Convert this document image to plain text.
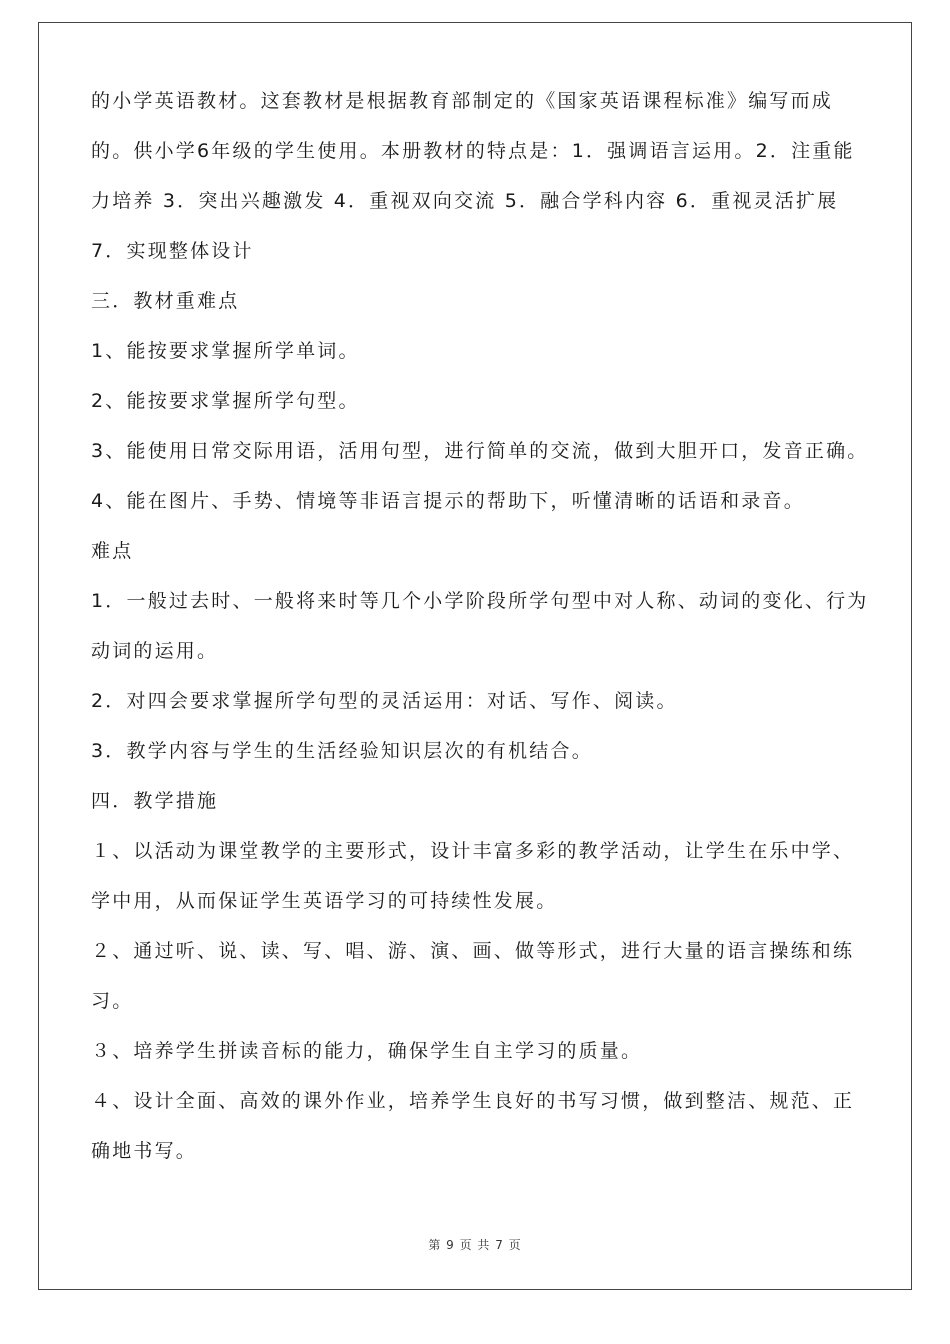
的小学英语教材。这套教材是根据教育部制定的《国家英语课程标准》编写而成的。供小学6年级的学生使用。本册教材的特点是：1．强调语言运用。2．注重能力培养 3．突出兴趣激发 4．重视双向交流 5．融合学科内容 6．重视灵活扩展 7．实现整体设计

三．教材重难点

1、能按要求掌握所学单词。

2、能按要求掌握所学句型。

3、能使用日常交际用语，活用句型，进行简单的交流，做到大胆开口，发音正确。

4、能在图片、手势、情境等非语言提示的帮助下，听懂清晰的话语和录音。

难点

1．一般过去时、一般将来时等几个小学阶段所学句型中对人称、动词的变化、行为动词的运用。

2．对四会要求掌握所学句型的灵活运用：对话、写作、阅读。

3．教学内容与学生的生活经验知识层次的有机结合。

四．教学措施

１、以活动为课堂教学的主要形式，设计丰富多彩的教学活动，让学生在乐中学、学中用，从而保证学生英语学习的可持续性发展。

２、通过听、说、读、写、唱、游、演、画、做等形式，进行大量的语言操练和练习。

３、培养学生拼读音标的能力，确保学生自主学习的质量。

４、设计全面、高效的课外作业，培养学生良好的书写习惯，做到整洁、规范、正确地书写。

第 9 页 共 7 页
